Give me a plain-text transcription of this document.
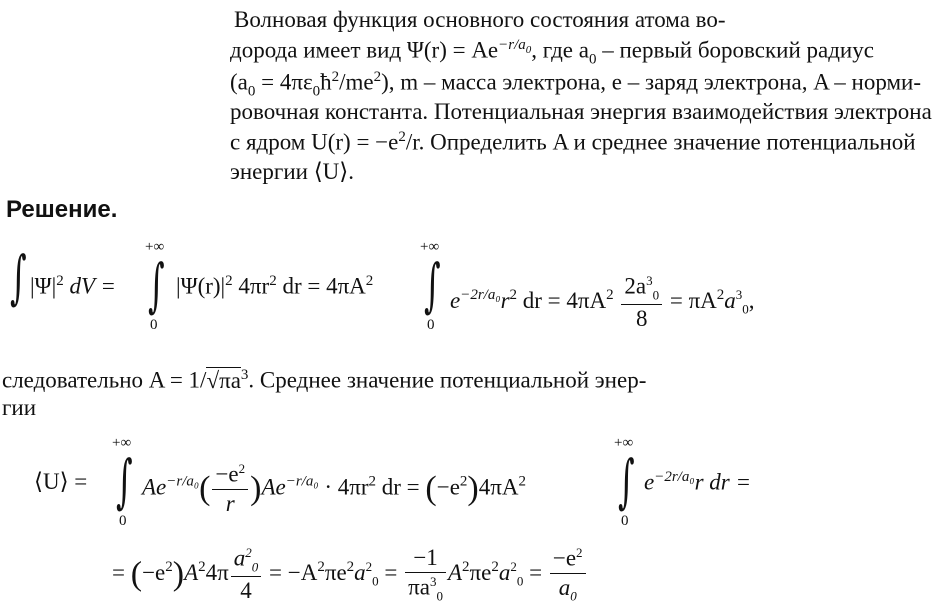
Волновая функция основного состояния атома во-
дорода имеет вид $\Psi(r) = Ae^{-r/a_0}$, где $a_0$ – первый боровский радиус
($a_0$ = $4\pi\varepsilon_0ħ^2/me^2$), m – масса электрона, e – заряд электрона, A – норми-
ровочная константа. Потенциальная энергия взаимодействия электрона
с ядром $U(r) = -e^2/r$. Определить A и среднее значение потенциальной
энергии ⟨U⟩.
Решение.
∫ $|\Psi|^2$ dV =
+∞
∫
0
$|\Psi(r)|^2$ $4\pi r^2$ dr = $4\pi A^2$
+∞
∫
0
$e^{-2r/a_0}r^2$ dr = $4\pi A^2 \frac{2a^3_0}{8} = \pi A^2a^3_0$,
следовательно $A = 1/√\pi a^3$. Среднее значение потенциальной энер-
гии
⟨U⟩ =
+∞
∫
0
$Ae^{-r/a_0}( \frac{-e^2}{r} )Ae^{-r/a_0} \cdot 4\pi r^2$ dr = $(-e^2)4\pi A^2$
+∞
∫
0
$e^{-2r/a_0}r$ dr =
= $(-e^2)A^24\pi \frac{a^2_0}{4} = -A^2\pi e^2a^2_0 = \frac{-1}{\pi a^3_0} A^2\pi e^2a^2_0 = \frac{-e^2}{a_0}$
